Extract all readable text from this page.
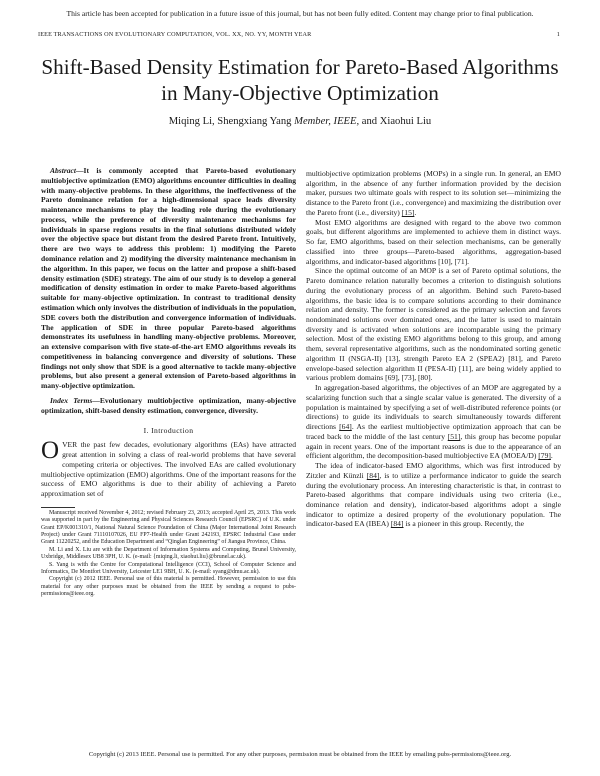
This article has been accepted for publication in a future issue of this journal, but has not been fully edited. Content may change prior to final publication.
IEEE TRANSACTIONS ON EVOLUTIONARY COMPUTATION, VOL. XX, NO. YY, MONTH YEAR	1
Shift-Based Density Estimation for Pareto-Based Algorithms in Many-Objective Optimization
Miqing Li, Shengxiang Yang Member, IEEE, and Xiaohui Liu

Abstract—It is commonly accepted that Pareto-based evolutionary multiobjective optimization (EMO) algorithms encounter difficulties in dealing with many-objective problems. In these algorithms, the ineffectiveness of the Pareto dominance relation for a high-dimensional space leads diversity maintenance mechanisms to play the leading role during the evolutionary process, while the preference of diversity maintenance mechanisms for individuals in sparse regions results in the final solutions distributed widely over the objective space but distant from the desired Pareto front. Intuitively, there are two ways to address this problem: 1) modifying the Pareto dominance relation and 2) modifying the diversity maintenance mechanism in the algorithm. In this paper, we focus on the latter and propose a shift-based density estimation (SDE) strategy. The aim of our study is to develop a general modification of density estimation in order to make Pareto-based algorithms suitable for many-objective optimization. In contrast to traditional density estimation which only involves the distribution of individuals in the population, SDE covers both the distribution and convergence information of individuals. The application of SDE in three popular Pareto-based algorithms demonstrates its usefulness in handling many-objective problems. Moreover, an extensive comparison with five state-of-the-art EMO algorithms reveals its competitiveness in balancing convergence and diversity of solutions. These findings not only show that SDE is a good alternative to tackle many-objective problems, but also present a general extension of Pareto-based algorithms in many-objective optimization.

Index Terms—Evolutionary multiobjective optimization, many-objective optimization, shift-based density estimation, convergence, diversity.

I. Introduction

OVER the past few decades, evolutionary algorithms (EAs) have attracted great attention in solving a class of real-world problems that have several competing criteria or objectives. The involved EAs are called evolutionary multiobjective optimization (EMO) algorithms. One of the important reasons for the success of EMO algorithms is due to their ability of achieving a Pareto approximation set of

Manuscript received November 4, 2012; revised February 23, 2013; accepted April 25, 2013. This work was supported in part by the Engineering and Physical Sciences Research Council (EPSRC) of U.K. under Grant EP/K001310/1, National Natural Science Foundation of China (Major International Joint Research Project) under Grant 71110107026, EU FP7-Health under Grant 242193, EPSRC Industrial Case under Grant 11220252, and the Education Department and “Qinglan Engineering” of Jiangsu Province, China.

M. Li and X. Liu are with the Department of Information Systems and Computing, Brunel University, Uxbridge, Middlesex UB8 3PH, U. K. (e-mail: {miqing.li, xiaohui.liu}@brunel.ac.uk).

S. Yang is with the Centre for Computational Intelligence (CCI), School of Computer Science and Informatics, De Montfort University, Leicester LE1 9BH, U. K. (e-mail: syang@dmu.ac.uk).

Copyright (c) 2012 IEEE. Personal use of this material is permitted. However, permission to use this material for any other purposes must be obtained from the IEEE by sending a request to pubs-permissions@ieee.org.

multiobjective optimization problems (MOPs) in a single run. In general, an EMO algorithm, in the absence of any further information provided by the decision maker, pursues two ultimate goals with respect to its solution set—minimizing the distance to the Pareto front (i.e., convergence) and maximizing the distribution over the Pareto front (i.e., diversity) [15].

Most EMO algorithms are designed with regard to the above two common goals, but different algorithms are implemented to achieve them in distinct ways. So far, EMO algorithms, based on their selection mechanisms, can be generally classified into three groups—Pareto-based algorithms, aggregation-based algorithms, and indicator-based algorithms [10], [71].

Since the optimal outcome of an MOP is a set of Pareto optimal solutions, the Pareto dominance relation naturally becomes a criterion to distinguish solutions during the evolutionary process of an algorithm. Behind such Pareto-based algorithms, the basic idea is to compare solutions according to their dominance relation and density. The former is considered as the primary selection and favors nondominated solutions over dominated ones, and the latter is used to maintain diversity and is activated when solutions are incomparable using the primary selection. Most of the existing EMO algorithms belong to this group, and among them, several representative algorithms, such as the nondominated sorting genetic algorithm II (NSGA-II) [13], strength Pareto EA 2 (SPEA2) [81], and Pareto envelope-based selection algorithm II (PESA-II) [11], are being widely applied to various problem domains [69], [73], [80].

In aggregation-based algorithms, the objectives of an MOP are aggregated by a scalarizing function such that a single scalar value is generated. The diversity of a population is maintained by specifying a set of well-distributed reference points (or directions) to guide its individuals to search simultaneously towards different directions [64]. As the earliest multiobjective optimization approach that can be traced back to the middle of the last century [51], this group has become popular again in recent years. One of the important reasons is due to the appearance of an efficient algorithm, the decomposition-based multiobjective EA (MOEA/D) [79].

The idea of indicator-based EMO algorithms, which was first introduced by Zitzler and Künzli [84], is to utilize a performance indicator to guide the search during the evolutionary process. An interesting characteristic is that, in contrast to Pareto-based algorithms that compare individuals using two criteria (i.e., dominance relation and density), indicator-based algorithms adopt a single indicator to optimize a desired property of the evolutionary population. The indicator-based EA (IBEA) [84] is a pioneer in this group. Recently, the

Copyright (c) 2013 IEEE. Personal use is permitted. For any other purposes, permission must be obtained from the IEEE by emailing pubs-permissions@ieee.org.
